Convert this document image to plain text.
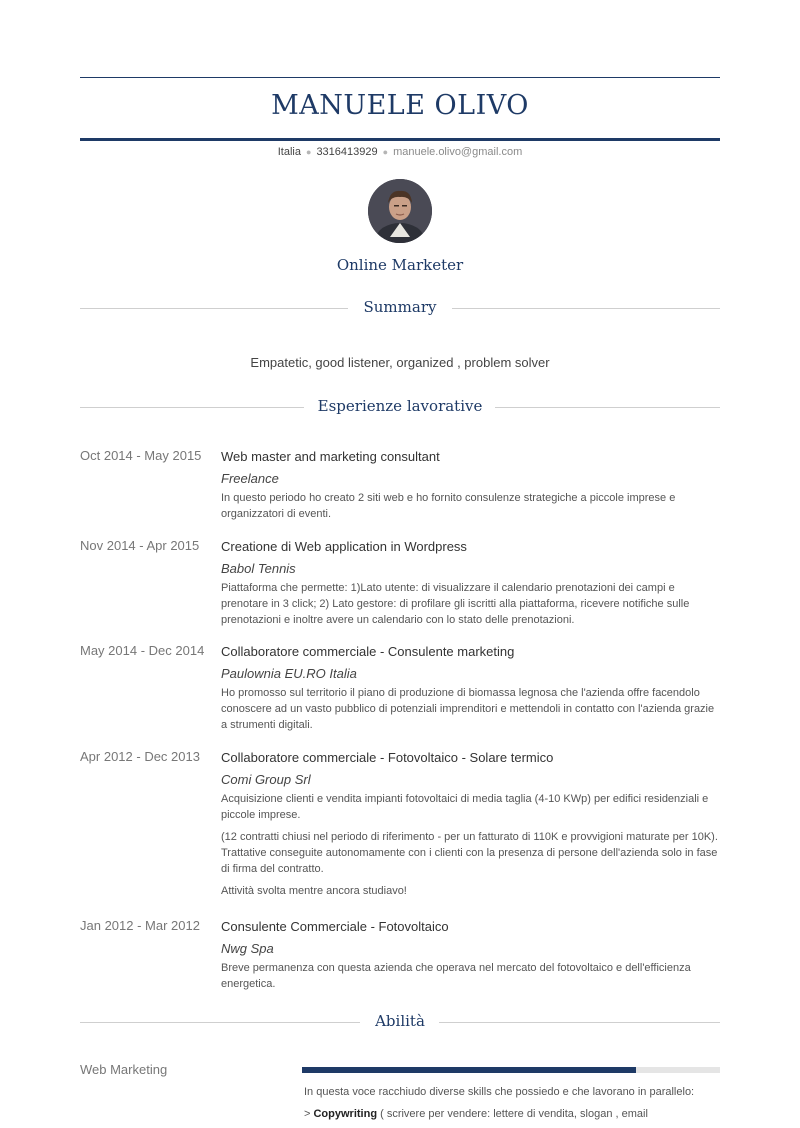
MANUELE OLIVO
Italia ● 3316413929 ● manuele.olivo@gmail.com
Online Marketer
Summary
Empatetic, good listener, organized , problem solver
Esperienze lavorative
Oct 2014 - May 2015	Web master and marketing consultant
Freelance

In questo periodo ho creato 2 siti web e ho fornito consulenze strategiche a piccole imprese e organizzatori di eventi.

Nov 2014 - Apr 2015	Creatione di Web application in Wordpress
Babol Tennis

Piattaforma che permette: 1)Lato utente: di visualizzare il calendario prenotazioni dei campi e prenotare in 3 click; 2) Lato gestore: di profilare gli iscritti alla piattaforma, ricevere notifiche sulle prenotazioni e inoltre avere un calendario con lo stato delle prenotazioni.

May 2014 - Dec 2014	Collaboratore commerciale - Consulente marketing
Paulownia EU.RO Italia

Ho promosso sul territorio il piano di produzione di biomassa legnosa che l'azienda offre facendolo conoscere ad un vasto pubblico di potenziali imprenditori e mettendoli in contatto con l'azienda grazie a strumenti digitali.

Apr 2012 - Dec 2013	Collaboratore commerciale - Fotovoltaico - Solare termico
Comi Group Srl

Acquisizione clienti e vendita impianti fotovoltaici di media taglia (4-10 KWp) per edifici residenziali e piccole imprese.

(12 contratti chiusi nel periodo di riferimento - per un fatturato di 110K e provvigioni maturate per 10K). Trattative conseguite autonomamente con i clienti con la presenza di persone dell'azienda solo in fase di firma del contratto.

Attività svolta mentre ancora studiavo!

Jan 2012 - Mar 2012	Consulente Commerciale - Fotovoltaico
Nwg Spa

Breve permanenza con questa azienda che operava nel mercato del fotovoltaico e dell'efficienza energetica.

Abilità
Web Marketing

In questa voce racchiudo diverse skills che possiedo e che lavorano in parallelo:

> Copywriting ( scrivere per vendere: lettere di vendita, slogan , email
